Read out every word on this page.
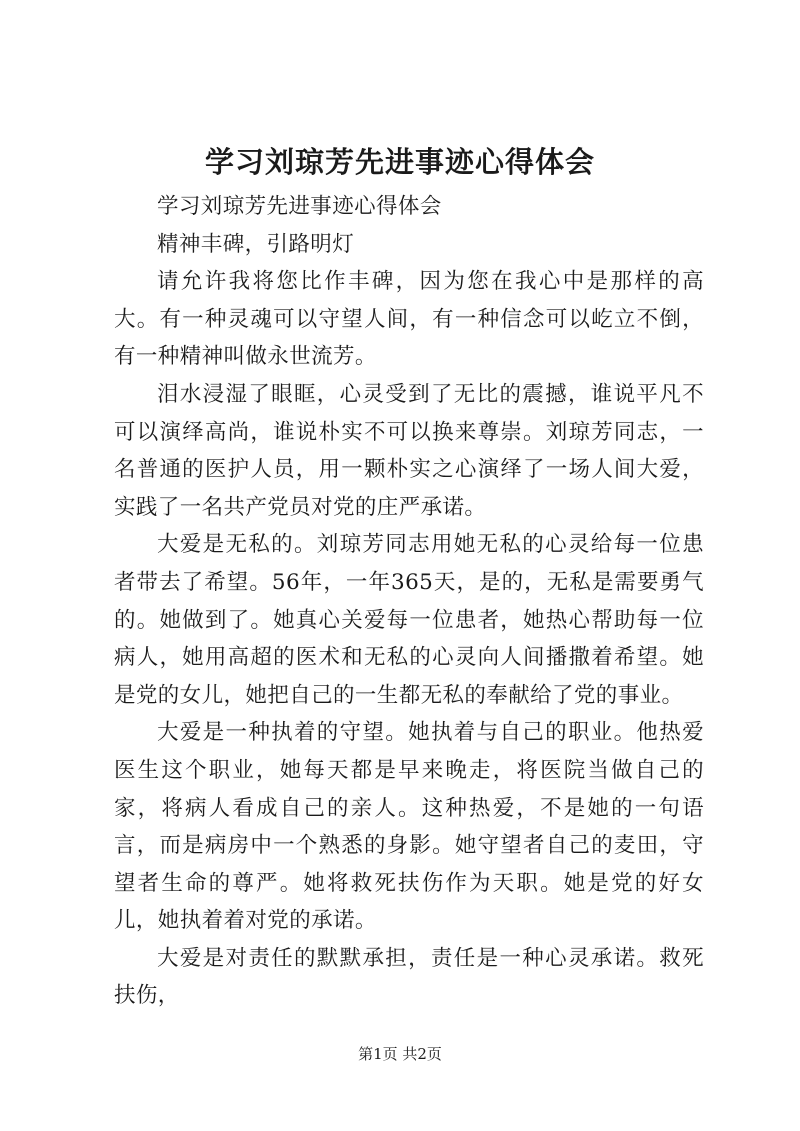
学习刘琼芳先进事迹心得体会

学习刘琼芳先进事迹心得体会

精神丰碑，引路明灯

请允许我将您比作丰碑，因为您在我心中是那样的高大。有一种灵魂可以守望人间，有一种信念可以屹立不倒，有一种精神叫做永世流芳。

泪水浸湿了眼眶，心灵受到了无比的震撼，谁说平凡不可以演绎高尚，谁说朴实不可以换来尊崇。刘琼芳同志，一名普通的医护人员，用一颗朴实之心演绎了一场人间大爱，实践了一名共产党员对党的庄严承诺。

大爱是无私的。刘琼芳同志用她无私的心灵给每一位患者带去了希望。56年，一年365天，是的，无私是需要勇气的。她做到了。她真心关爱每一位患者，她热心帮助每一位病人，她用高超的医术和无私的心灵向人间播撒着希望。她是党的女儿，她把自己的一生都无私的奉献给了党的事业。

大爱是一种执着的守望。她执着与自己的职业。他热爱医生这个职业，她每天都是早来晚走，将医院当做自己的家，将病人看成自己的亲人。这种热爱，不是她的一句语言，而是病房中一个熟悉的身影。她守望者自己的麦田，守望者生命的尊严。她将救死扶伤作为天职。她是党的好女儿，她执着着对党的承诺。

大爱是对责任的默默承担，责任是一种心灵承诺。救死扶伤，

第1页 共2页
